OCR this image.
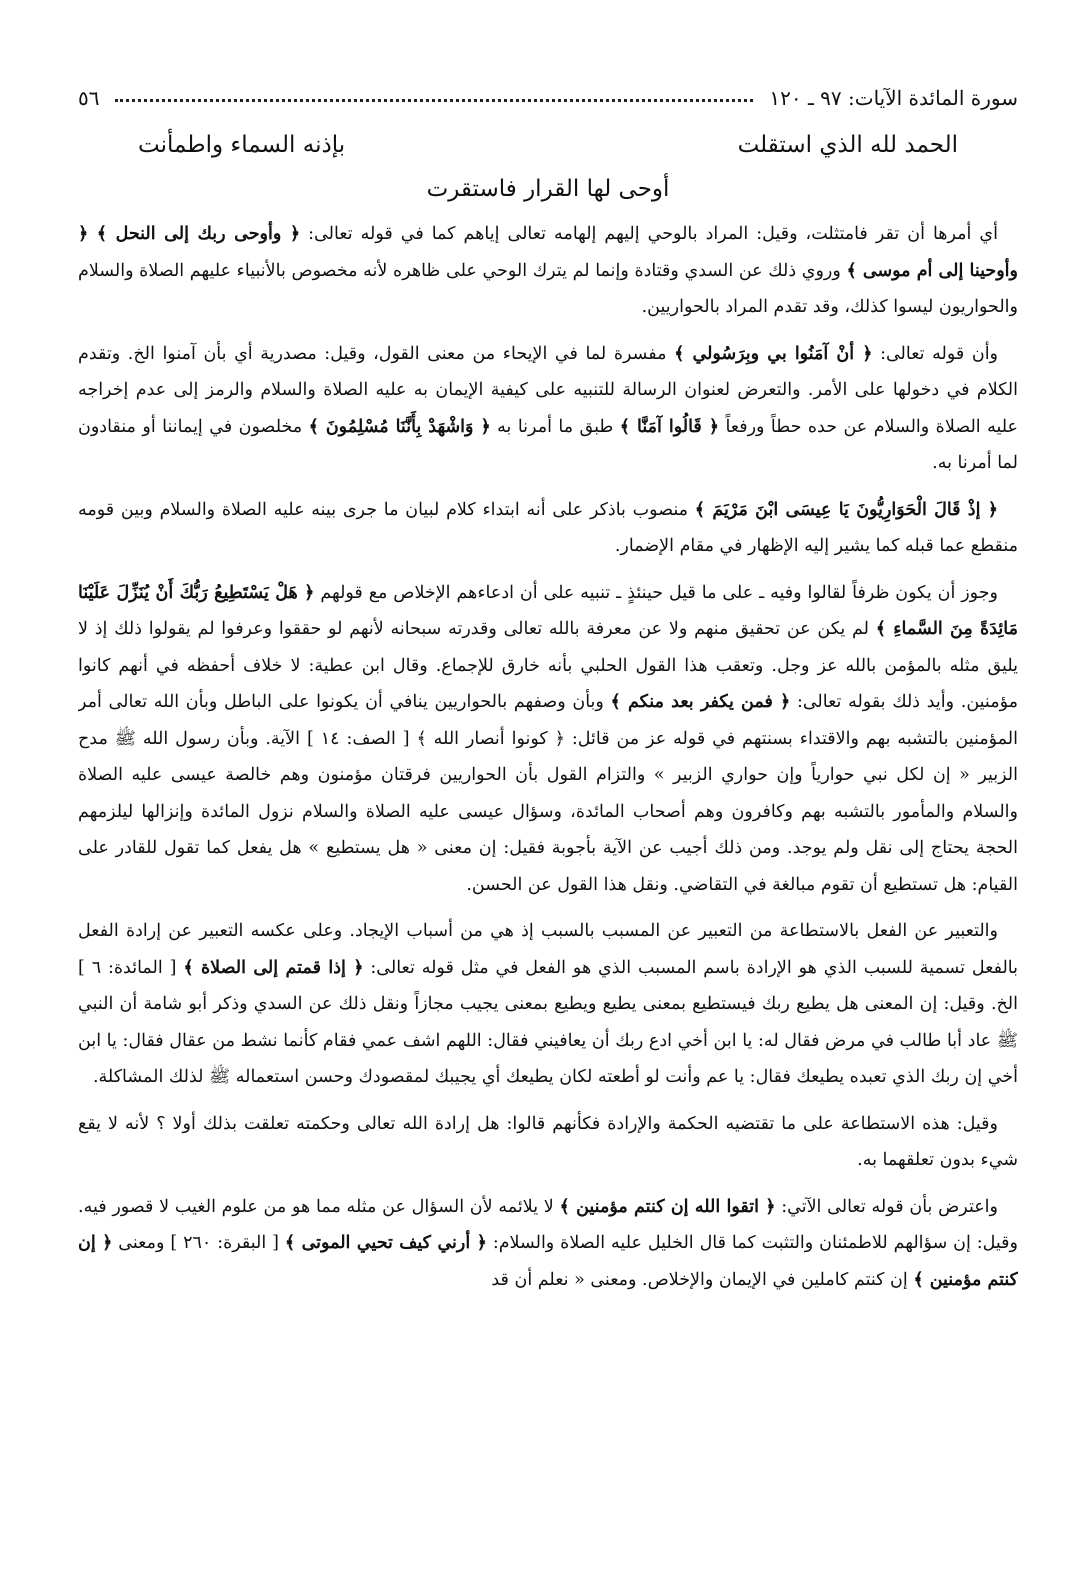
سورة المائدة الآيات: ٩٧ ـ ١٢٠
٥٦
الحمد لله الذي استقلت
بإذنه السماء واطمأنت
أوحى لها القرار فاستقرت

أي أمرها أن تقر فامتثلت، وقيل: المراد بالوحي إليهم إلهامه تعالى إياهم كما في قوله تعالى: ﴿ وأوحى ربك إلى النحل ﴾ ﴿ وأوحينا إلى أم موسى ﴾ وروي ذلك عن السدي وقتادة وإنما لم يترك الوحي على ظاهره لأنه مخصوص بالأنبياء عليهم الصلاة والسلام والحواريون ليسوا كذلك، وقد تقدم المراد بالحواريين.

وأن قوله تعالى: ﴿ أنْ آمَنُوا بي وبِرَسُولي ﴾ مفسرة لما في الإيحاء من معنى القول، وقيل: مصدرية أي بأن آمنوا الخ. وتقدم الكلام في دخولها على الأمر. والتعرض لعنوان الرسالة للتنبيه على كيفية الإيمان به عليه الصلاة والسلام والرمز إلى عدم إخراجه عليه الصلاة والسلام عن حده حطاً ورفعاً ﴿ قَالُوا آمَنَّا ﴾ طبق ما أمرنا به ﴿ وَاشْهَدْ بِأَنَّنَا مُسْلِمُونَ ﴾ مخلصون في إيماننا أو منقادون لما أمرنا به.

﴿ إذْ قَالَ الْحَوَارِيُّونَ يَا عِيسَى ابْنَ مَرْيَمَ ﴾ منصوب باذكر على أنه ابتداء كلام لبيان ما جرى بينه عليه الصلاة والسلام وبين قومه منقطع عما قبله كما يشير إليه الإظهار في مقام الإضمار.

وجوز أن يكون ظرفاً لقالوا وفيه ـ على ما قيل حينئذٍ ـ تنبيه على أن ادعاءهم الإخلاص مع قولهم ﴿ هَلْ يَسْتَطِيعُ رَبُّكَ أَنْ يُنَزِّلَ عَلَيْنَا مَائِدَةً مِنَ السَّماءِ ﴾ لم يكن عن تحقيق منهم ولا عن معرفة بالله تعالى وقدرته سبحانه لأنهم لو حققوا وعرفوا لم يقولوا ذلك إذ لا يليق مثله بالمؤمن بالله عز وجل. وتعقب هذا القول الحلبي بأنه خارق للإجماع. وقال ابن عطية: لا خلاف أحفظه في أنهم كانوا مؤمنين. وأيد ذلك بقوله تعالى: ﴿ فمن يكفر بعد منكم ﴾ وبأن وصفهم بالحواريين ينافي أن يكونوا على الباطل وبأن الله تعالى أمر المؤمنين بالتشبه بهم والاقتداء بسنتهم في قوله عز من قائل: ﴿ كونوا أنصار الله ﴾ [ الصف: ١٤ ] الآية. وبأن رسول الله ﷺ مدح الزبير « إن لكل نبي حوارياً وإن حواري الزبير » والتزام القول بأن الحواريين فرقتان مؤمنون وهم خالصة عيسى عليه الصلاة والسلام والمأمور بالتشبه بهم وكافرون وهم أصحاب المائدة، وسؤال عيسى عليه الصلاة والسلام نزول المائدة وإنزالها ليلزمهم الحجة يحتاج إلى نقل ولم يوجد. ومن ذلك أجيب عن الآية بأجوبة فقيل: إن معنى « هل يستطيع » هل يفعل كما تقول للقادر على القيام: هل تستطيع أن تقوم مبالغة في التقاضي. ونقل هذا القول عن الحسن.

والتعبير عن الفعل بالاستطاعة من التعبير عن المسبب بالسبب إذ هي من أسباب الإيجاد. وعلى عكسه التعبير عن إرادة الفعل بالفعل تسمية للسبب الذي هو الإرادة باسم المسبب الذي هو الفعل في مثل قوله تعالى: ﴿ إذا قمتم إلى الصلاة ﴾ [ المائدة: ٦ ] الخ. وقيل: إن المعنى هل يطيع ربك فيستطيع بمعنى يطيع ويطيع بمعنى يجيب مجازاً ونقل ذلك عن السدي وذكر أبو شامة أن النبي ﷺ عاد أبا طالب في مرض فقال له: يا ابن أخي ادع ربك أن يعافيني فقال: اللهم اشف عمي فقام كأنما نشط من عقال فقال: يا ابن أخي إن ربك الذي تعبده يطيعك فقال: يا عم وأنت لو أطعته لكان يطيعك أي يجيبك لمقصودك وحسن استعماله ﷺ لذلك المشاكلة.

وقيل: هذه الاستطاعة على ما تقتضيه الحكمة والإرادة فكأنهم قالوا: هل إرادة الله تعالى وحكمته تعلقت بذلك أولا ؟ لأنه لا يقع شيء بدون تعلقهما به.

واعترض بأن قوله تعالى الآتي: ﴿ اتقوا الله إن كنتم مؤمنين ﴾ لا يلائمه لأن السؤال عن مثله مما هو من علوم الغيب لا قصور فيه. وقيل: إن سؤالهم للاطمئنان والتثبت كما قال الخليل عليه الصلاة والسلام: ﴿ أرني كيف تحيي الموتى ﴾ [ البقرة: ٢٦٠ ] ومعنى ﴿ إن كنتم مؤمنين ﴾ إن كنتم كاملين في الإيمان والإخلاص. ومعنى « نعلم أن قد
